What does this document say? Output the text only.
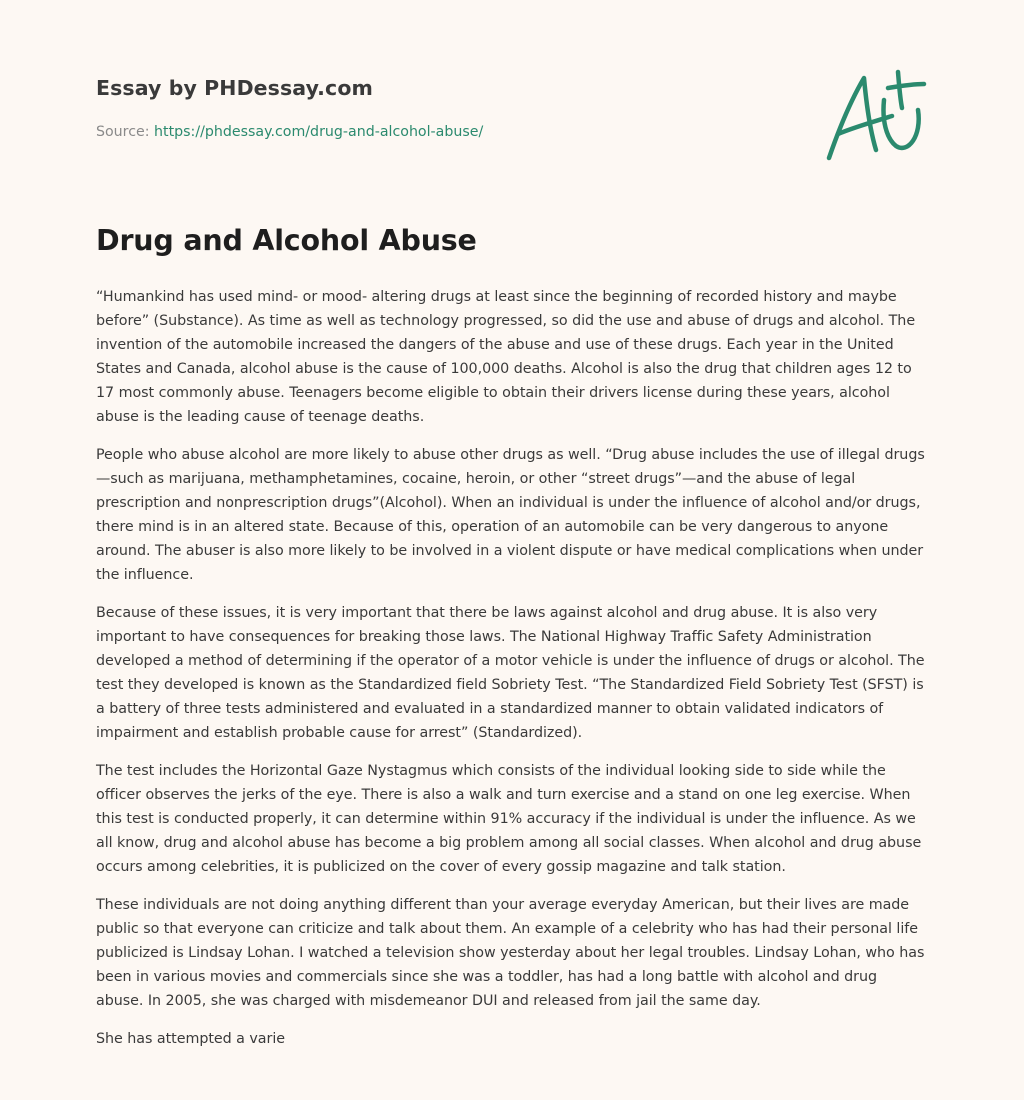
Essay by PHDessay.com

Source: https://phdessay.com/drug-and-alcohol-abuse/

Drug and Alcohol Abuse

“Humankind has used mind- or mood- altering drugs at least since the beginning of recorded history and maybe before” (Substance). As time as well as technology progressed, so did the use and abuse of drugs and alcohol. The invention of the automobile increased the dangers of the abuse and use of these drugs. Each year in the United States and Canada, alcohol abuse is the cause of 100,000 deaths. Alcohol is also the drug that children ages 12 to 17 most commonly abuse. Teenagers become eligible to obtain their drivers license during these years, alcohol abuse is the leading cause of teenage deaths.

People who abuse alcohol are more likely to abuse other drugs as well. “Drug abuse includes the use of illegal drugs—such as marijuana, methamphetamines, cocaine, heroin, or other “street drugs”—and the abuse of legal prescription and nonprescription drugs”(Alcohol). When an individual is under the influence of alcohol and/or drugs, there mind is in an altered state. Because of this, operation of an automobile can be very dangerous to anyone around. The abuser is also more likely to be involved in a violent dispute or have medical complications when under the influence.

Because of these issues, it is very important that there be laws against alcohol and drug abuse. It is also very important to have consequences for breaking those laws. The National Highway Traffic Safety Administration developed a method of determining if the operator of a motor vehicle is under the influence of drugs or alcohol. The test they developed is known as the Standardized field Sobriety Test. “The Standardized Field Sobriety Test (SFST) is a battery of three tests administered and evaluated in a standardized manner to obtain validated indicators of impairment and establish probable cause for arrest” (Standardized).

The test includes the Horizontal Gaze Nystagmus which consists of the individual looking side to side while the officer observes the jerks of the eye. There is also a walk and turn exercise and a stand on one leg exercise. When this test is conducted properly, it can determine within 91% accuracy if the individual is under the influence. As we all know, drug and alcohol abuse has become a big problem among all social classes. When alcohol and drug abuse occurs among celebrities, it is publicized on the cover of every gossip magazine and talk station.

These individuals are not doing anything different than your average everyday American, but their lives are made public so that everyone can criticize and talk about them. An example of a celebrity who has had their personal life publicized is Lindsay Lohan. I watched a television show yesterday about her legal troubles. Lindsay Lohan, who has been in various movies and commercials since she was a toddler, has had a long battle with alcohol and drug abuse. In 2005, she was charged with misdemeanor DUI and released from jail the same day.

She has attempted a varie
